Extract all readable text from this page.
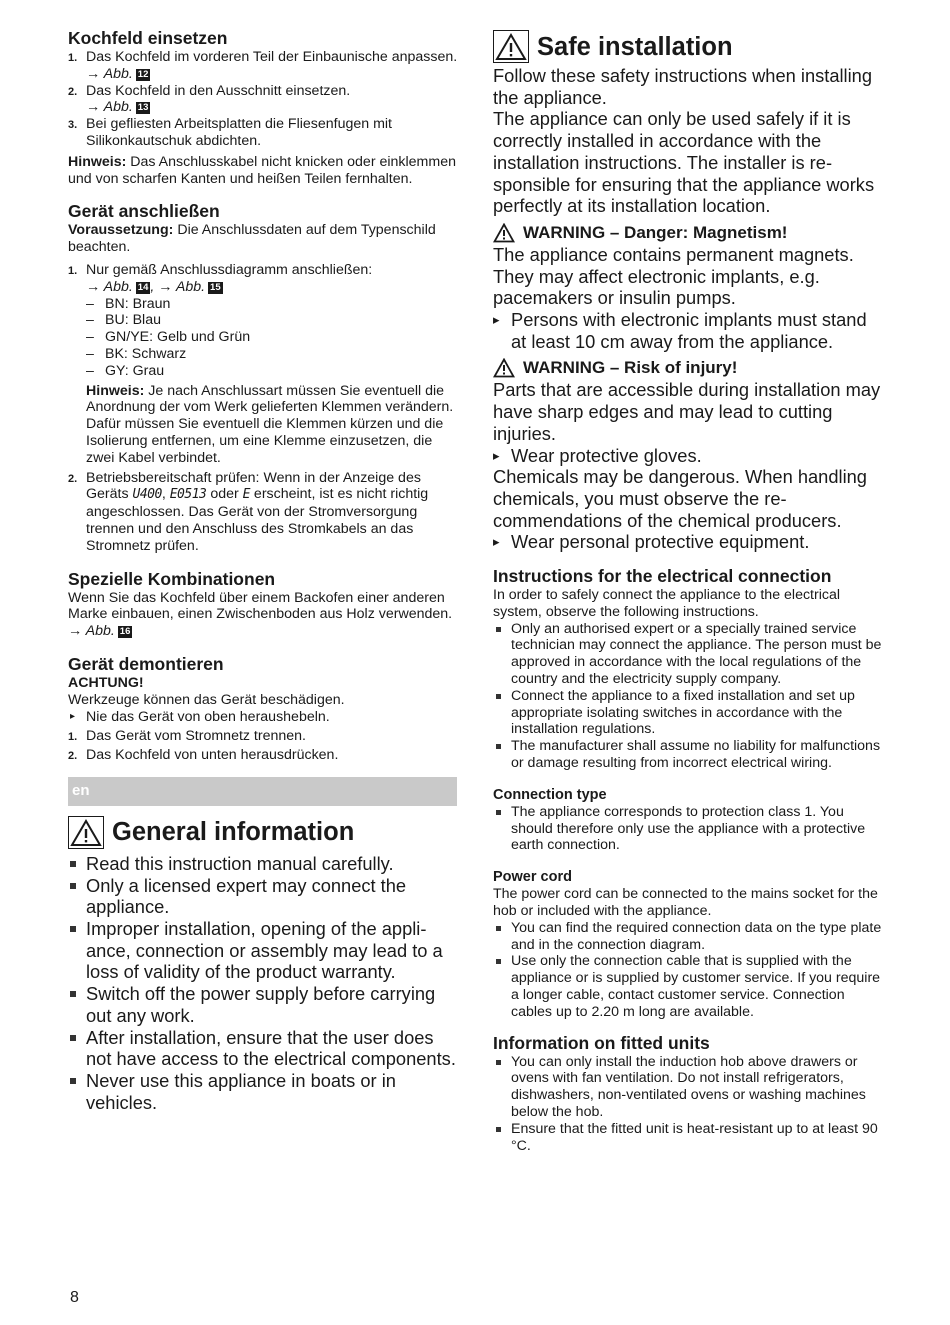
Kochfeld einsetzen
1. Das Kochfeld im vorderen Teil der Einbaunische anpassen.
→ Abb. 12
2. Das Kochfeld in den Ausschnitt einsetzen.
→ Abb. 13
3. Bei gefliesten Arbeitsplatten die Fliesenfugen mit Silikonkautschuk abdichten.

Hinweis: Das Anschlusskabel nicht knicken oder einklemmen und von scharfen Kanten und heißen Teilen fernhalten.

Gerät anschließen

Voraussetzung: Die Anschlussdaten auf dem Typenschild beachten.

1. Nur gemäß Anschlussdiagramm anschließen:
→ Abb. 14 , → Abb. 15
– BN: Braun
– BU: Blau
– GN/YE: Gelb und Grün
– BK: Schwarz
– GY: Grau

Hinweis: Je nach Anschlussart müssen Sie eventuell die Anordnung der vom Werk gelieferten Klemmen verändern. Dafür müssen Sie eventuell die Klemmen kürzen und die Isolierung entfernen, um eine Klemme einzusetzen, die zwei Kabel verbindet.

2. Betriebsbereitschaft prüfen: Wenn in der Anzeige des Geräts U400, E0513 oder E erscheint, ist es nicht richtig angeschlossen. Das Gerät von der Stromversorgung trennen und den Anschluss des Stromkabels an das Stromnetz prüfen.
Spezielle Kombinationen

Wenn Sie das Kochfeld über einem Backofen einer anderen Marke einbauen, einen Zwischenboden aus Holz verwenden.

→ Abb. 16

Gerät demontieren

ACHTUNG!

Werkzeuge können das Gerät beschädigen.

▸ Nie das Gerät von oben heraushebeln.
1. Das Gerät vom Stromnetz trennen.
2. Das Kochfeld von unten herausdrücken.
en
General information
Read this instruction manual carefully.
Only a licensed expert may connect the appliance.
Improper installation, opening of the appliance, connection or assembly may lead to a loss of validity of the product warranty.
Switch off the power supply before carrying out any work.
After installation, ensure that the user does not have access to the electrical components.
Never use this appliance in boats or in vehicles.
Safe installation

Follow these safety instructions when installing the appliance.

The appliance can only be used safely if it is correctly installed in accordance with the installation instructions. The installer is responsible for ensuring that the appliance works perfectly at its installation location.

WARNING – Danger: Magnetism!

The appliance contains permanent magnets. They may affect electronic implants, e.g. pacemakers or insulin pumps.

▸ Persons with electronic implants must stand at least 10 cm away from the appliance.

WARNING – Risk of injury!

Parts that are accessible during installation may have sharp edges and may lead to cutting injuries.

▸ Wear protective gloves.

Chemicals may be dangerous. When handling chemicals, you must observe the recommendations of the chemical producers.

▸ Wear personal protective equipment.
Instructions for the electrical connection

In order to safely connect the appliance to the electrical system, observe the following instructions.

Only an authorised expert or a specially trained service technician may connect the appliance. The person must be approved in accordance with the local regulations of the country and the electricity supply company.
Connect the appliance to a fixed installation and set up appropriate isolating switches in accordance with the installation regulations.
The manufacturer shall assume no liability for malfunctions or damage resulting from incorrect electrical wiring.
Connection type
The appliance corresponds to protection class 1. You should therefore only use the appliance with a protective earth connection.
Power cord

The power cord can be connected to the mains socket for the hob or included with the appliance.

You can find the required connection data on the type plate and in the connection diagram.
Use only the connection cable that is supplied with the appliance or is supplied by customer service. If you require a longer cable, contact customer service. Connection cables up to 2.20 m long are available.
Information on fitted units
You can only install the induction hob above drawers or ovens with fan ventilation. Do not install refrigerators, dishwashers, non-ventilated ovens or washing machines below the hob.
Ensure that the fitted unit is heat-resistant up to at least 90 °C.
8
